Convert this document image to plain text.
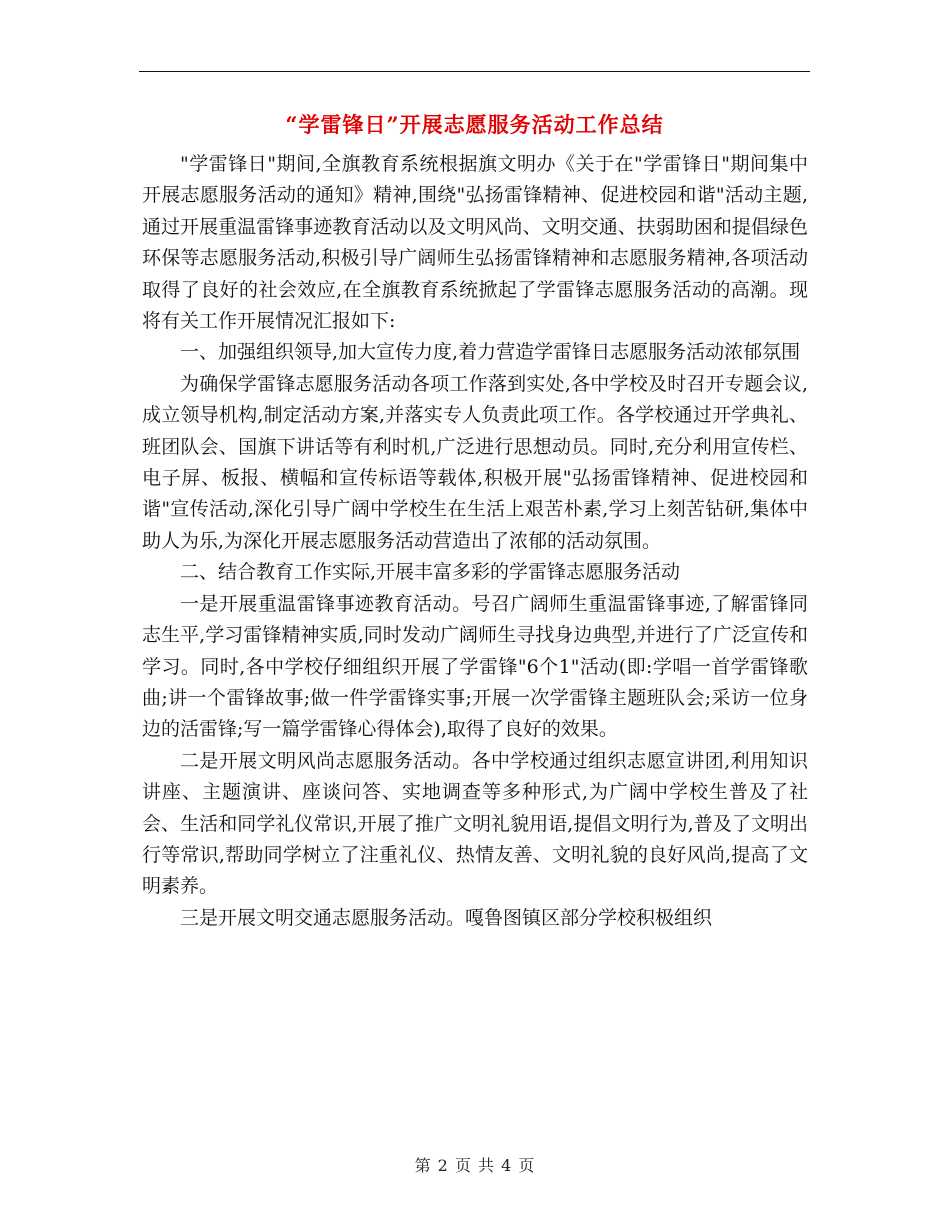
“学雷锋日”开展志愿服务活动工作总结

"学雷锋日"期间,全旗教育系统根据旗文明办《关于在"学雷锋日"期间集中开展志愿服务活动的通知》精神,围绕"弘扬雷锋精神、促进校园和谐"活动主题,通过开展重温雷锋事迹教育活动以及文明风尚、文明交通、扶弱助困和提倡绿色环保等志愿服务活动,积极引导广阔师生弘扬雷锋精神和志愿服务精神,各项活动取得了良好的社会效应,在全旗教育系统掀起了学雷锋志愿服务活动的高潮。现将有关工作开展情况汇报如下:

一、加强组织领导,加大宣传力度,着力营造学雷锋日志愿服务活动浓郁氛围

为确保学雷锋志愿服务活动各项工作落到实处,各中学校及时召开专题会议,成立领导机构,制定活动方案,并落实专人负责此项工作。各学校通过开学典礼、班团队会、国旗下讲话等有利时机,广泛进行思想动员。同时,充分利用宣传栏、电子屏、板报、横幅和宣传标语等载体,积极开展"弘扬雷锋精神、促进校园和谐"宣传活动,深化引导广阔中学校生在生活上艰苦朴素,学习上刻苦钻研,集体中助人为乐,为深化开展志愿服务活动营造出了浓郁的活动氛围。

二、结合教育工作实际,开展丰富多彩的学雷锋志愿服务活动

一是开展重温雷锋事迹教育活动。号召广阔师生重温雷锋事迹,了解雷锋同志生平,学习雷锋精神实质,同时发动广阔师生寻找身边典型,并进行了广泛宣传和学习。同时,各中学校仔细组织开展了学雷锋"6个1"活动(即:学唱一首学雷锋歌曲;讲一个雷锋故事;做一件学雷锋实事;开展一次学雷锋主题班队会;采访一位身边的活雷锋;写一篇学雷锋心得体会),取得了良好的效果。

二是开展文明风尚志愿服务活动。各中学校通过组织志愿宣讲团,利用知识讲座、主题演讲、座谈问答、实地调查等多种形式,为广阔中学校生普及了社会、生活和同学礼仪常识,开展了推广文明礼貌用语,提倡文明行为,普及了文明出行等常识,帮助同学树立了注重礼仪、热情友善、文明礼貌的良好风尚,提高了文明素养。

三是开展文明交通志愿服务活动。嘎鲁图镇区部分学校积极组织

第 2 页 共 4 页
